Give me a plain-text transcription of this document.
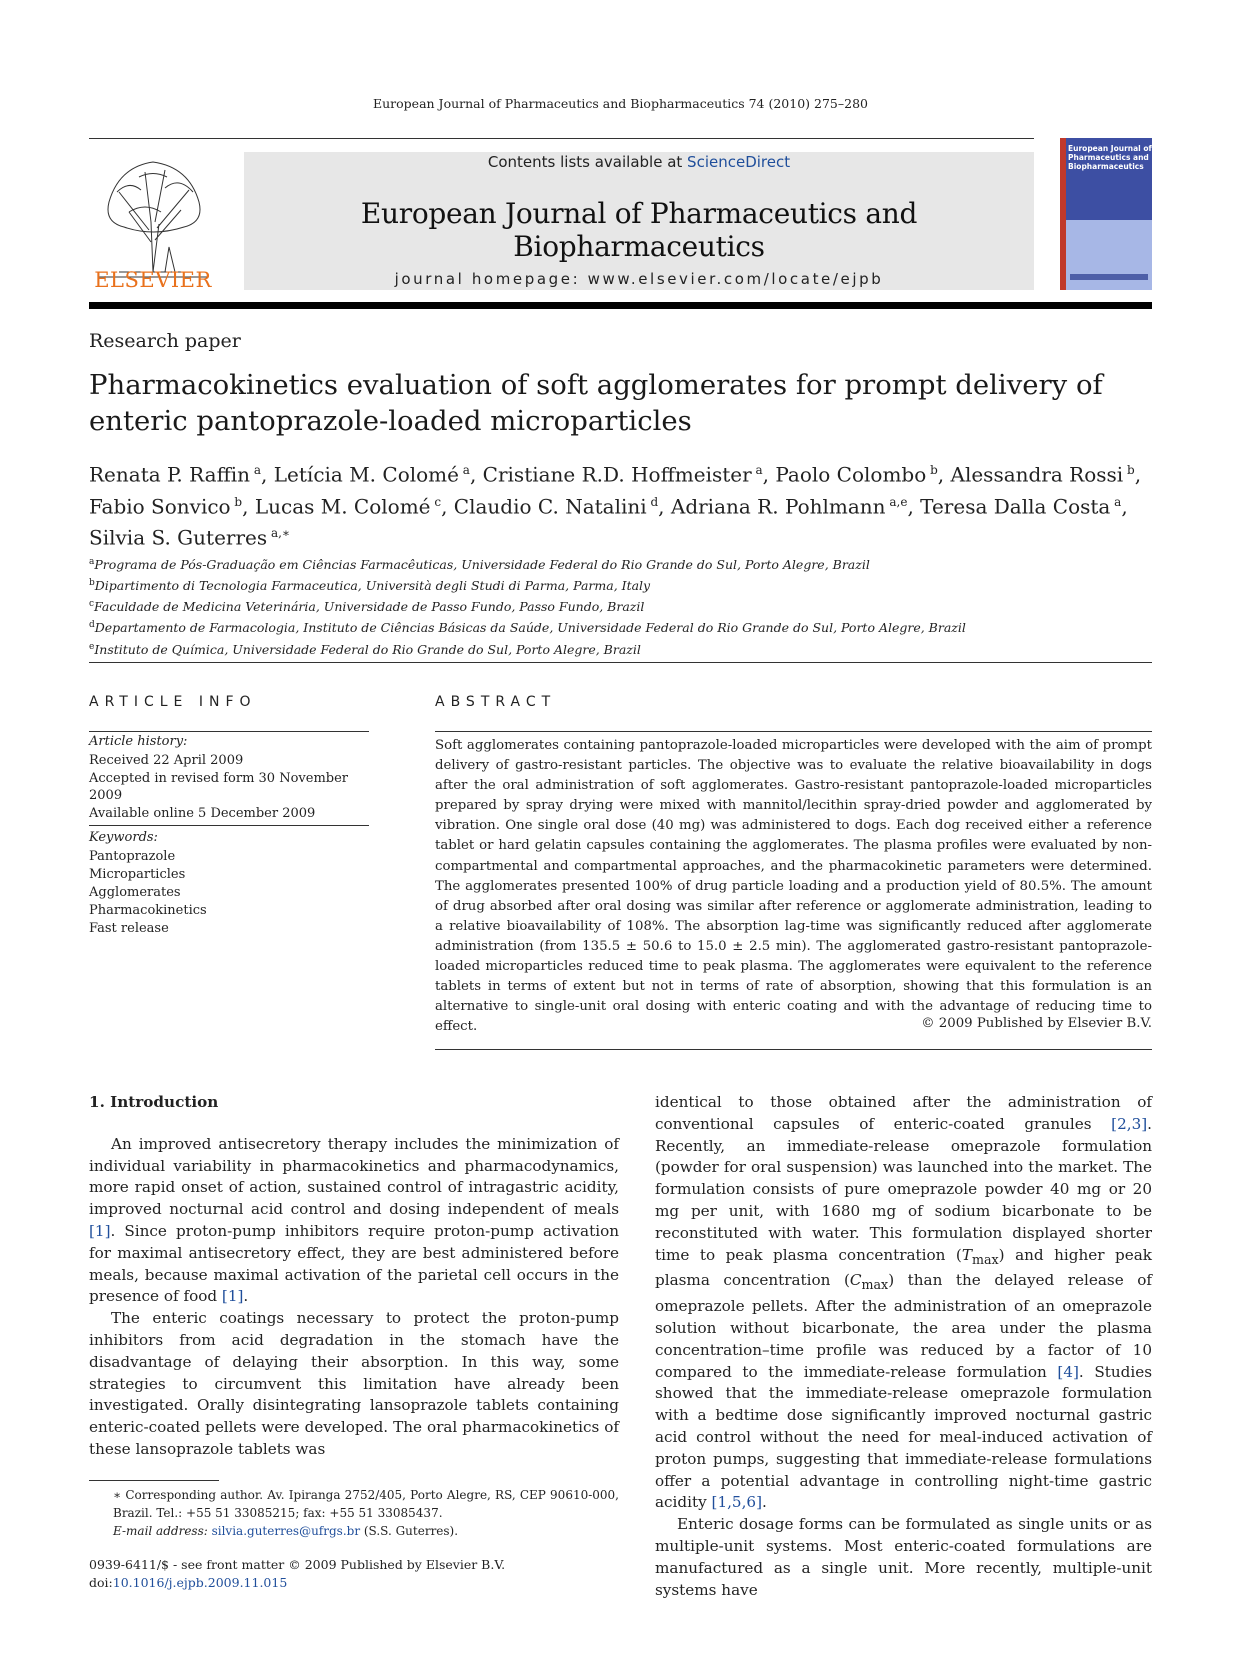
European Journal of Pharmaceutics and Biopharmaceutics 74 (2010) 275–280
ELSEVIER
Contents lists available at ScienceDirect
European Journal of Pharmaceutics and Biopharmaceutics
journal homepage: www.elsevier.com/locate/ejpb
European Journal of Pharmaceutics and Biopharmaceutics
Research paper
Pharmacokinetics evaluation of soft agglomerates for prompt delivery of enteric pantoprazole-loaded microparticles
Renata P. Raffin $^a$, Letícia M. Colomé $^a$, Cristiane R.D. Hoffmeister $^a$, Paolo Colombo $^b$, Alessandra Rossi $^b$,
Fabio Sonvico $^b$, Lucas M. Colomé $^c$, Claudio C. Natalini $^d$, Adriana R. Pohlmann $^{a,e}$, Teresa Dalla Costa $^a$,
Silvia S. Guterres $^{a,∗}$
$^a$Programa de Pós-Graduação em Ciências Farmacêuticas, Universidade Federal do Rio Grande do Sul, Porto Alegre, Brazil
$^b$Dipartimento di Tecnologia Farmaceutica, Università degli Studi di Parma, Parma, Italy
$^c$Faculdade de Medicina Veterinária, Universidade de Passo Fundo, Passo Fundo, Brazil
$^d$Departamento de Farmacologia, Instituto de Ciências Básicas da Saúde, Universidade Federal do Rio Grande do Sul, Porto Alegre, Brazil
$^e$Instituto de Química, Universidade Federal do Rio Grande do Sul, Porto Alegre, Brazil
ARTICLE INFO
Article history:
Received 22 April 2009
Accepted in revised form 30 November 2009
Available online 5 December 2009
Keywords:
Pantoprazole
Microparticles
Agglomerates
Pharmacokinetics
Fast release
ABSTRACT
Soft agglomerates containing pantoprazole-loaded microparticles were developed with the aim of prompt delivery of gastro-resistant particles. The objective was to evaluate the relative bioavailability in dogs after the oral administration of soft agglomerates. Gastro-resistant pantoprazole-loaded microparticles prepared by spray drying were mixed with mannitol/lecithin spray-dried powder and agglomerated by vibration. One single oral dose (40 mg) was administered to dogs. Each dog received either a reference tablet or hard gelatin capsules containing the agglomerates. The plasma profiles were evaluated by non-compartmental and compartmental approaches, and the pharmacokinetic parameters were determined. The agglomerates presented 100% of drug particle loading and a production yield of 80.5%. The amount of drug absorbed after oral dosing was similar after reference or agglomerate administration, leading to a relative bioavailability of 108%. The absorption lag-time was significantly reduced after agglomerate administration (from 135.5 ± 50.6 to 15.0 ± 2.5 min). The agglomerated gastro-resistant pantoprazole-loaded microparticles reduced time to peak plasma. The agglomerates were equivalent to the reference tablets in terms of extent but not in terms of rate of absorption, showing that this formulation is an alternative to single-unit oral dosing with enteric coating and with the advantage of reducing time to effect.	© 2009 Published by Elsevier B.V.
1. Introduction

An improved antisecretory therapy includes the minimization of individual variability in pharmacokinetics and pharmacodynamics, more rapid onset of action, sustained control of intragastric acidity, improved nocturnal acid control and dosing independent of meals [1]. Since proton-pump inhibitors require proton-pump activation for maximal antisecretory effect, they are best administered before meals, because maximal activation of the parietal cell occurs in the presence of food [1].

The enteric coatings necessary to protect the proton-pump inhibitors from acid degradation in the stomach have the disadvantage of delaying their absorption. In this way, some strategies to circumvent this limitation have already been investigated. Orally disintegrating lansoprazole tablets containing enteric-coated pellets were developed. The oral pharmacokinetics of these lansoprazole tablets was

identical to those obtained after the administration of conventional capsules of enteric-coated granules [2,3]. Recently, an immediate-release omeprazole formulation (powder for oral suspension) was launched into the market. The formulation consists of pure omeprazole powder 40 mg or 20 mg per unit, with 1680 mg of sodium bicarbonate to be reconstituted with water. This formulation displayed shorter time to peak plasma concentration $(T_{max})$ and higher peak plasma concentration $(C_{max})$ than the delayed release of omeprazole pellets. After the administration of an omeprazole solution without bicarbonate, the area under the plasma concentration–time profile was reduced by a factor of 10 compared to the immediate-release formulation [4]. Studies showed that the immediate-release omeprazole formulation with a bedtime dose significantly improved nocturnal gastric acid control without the need for meal-induced activation of proton pumps, suggesting that immediate-release formulations offer a potential advantage in controlling night-time gastric acidity [1,5,6].

Enteric dosage forms can be formulated as single units or as multiple-unit systems. Most enteric-coated formulations are manufactured as a single unit. More recently, multiple-unit systems have

∗ Corresponding author. Av. Ipiranga 2752/405, Porto Alegre, RS, CEP 90610-000, Brazil. Tel.: +55 51 33085215; fax: +55 51 33085437.
E-mail address: silvia.guterres@ufrgs.br (S.S. Guterres).
0939-6411/$ - see front matter © 2009 Published by Elsevier B.V.
doi:10.1016/j.ejpb.2009.11.015
